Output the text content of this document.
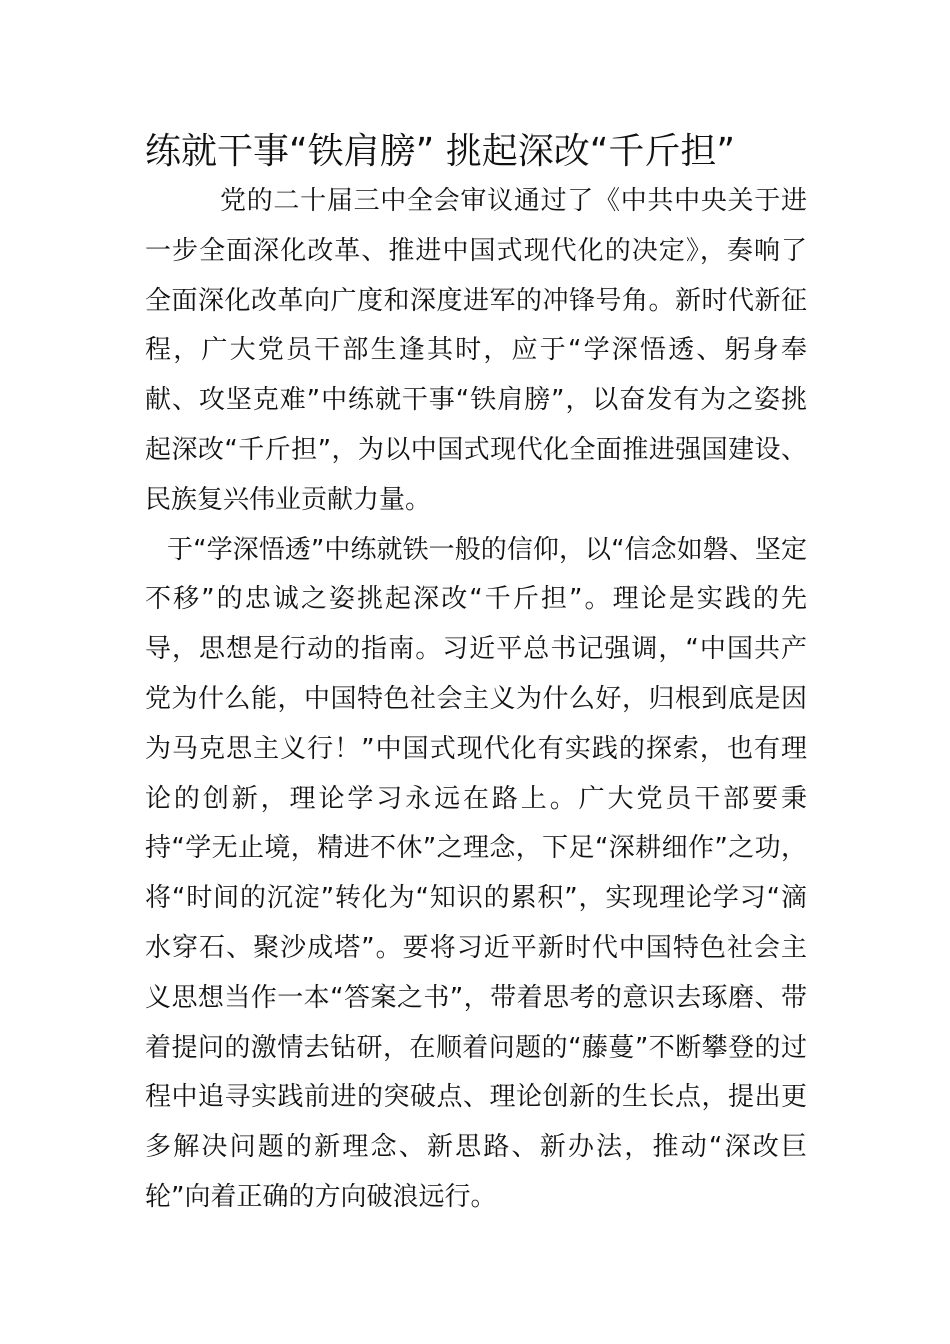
练就干事“铁肩膀” 挑起深改“千斤担”

党的二十届三中全会审议通过了《中共中央关于进一步全面深化改革、推进中国式现代化的决定》，奏响了全面深化改革向广度和深度进军的冲锋号角。新时代新征程，广大党员干部生逢其时，应于“学深悟透、躬身奉献、攻坚克难”中练就干事“铁肩膀”，以奋发有为之姿挑起深改“千斤担”，为以中国式现代化全面推进强国建设、民族复兴伟业贡献力量。

于“学深悟透”中练就铁一般的信仰，以“信念如磐、坚定不移”的忠诚之姿挑起深改“千斤担”。理论是实践的先导，思想是行动的指南。习近平总书记强调，“中国共产党为什么能，中国特色社会主义为什么好，归根到底是因为马克思主义行！”中国式现代化有实践的探索，也有理论的创新，理论学习永远在路上。广大党员干部要秉持“学无止境，精进不休”之理念，下足“深耕细作”之功，将“时间的沉淀”转化为“知识的累积”，实现理论学习“滴水穿石、聚沙成塔”。要将习近平新时代中国特色社会主义思想当作一本“答案之书”，带着思考的意识去琢磨、带着提问的激情去钻研，在顺着问题的“藤蔓”不断攀登的过程中追寻实践前进的突破点、理论创新的生长点，提出更多解决问题的新理念、新思路、新办法，推动“深改巨轮”向着正确的方向破浪远行。
